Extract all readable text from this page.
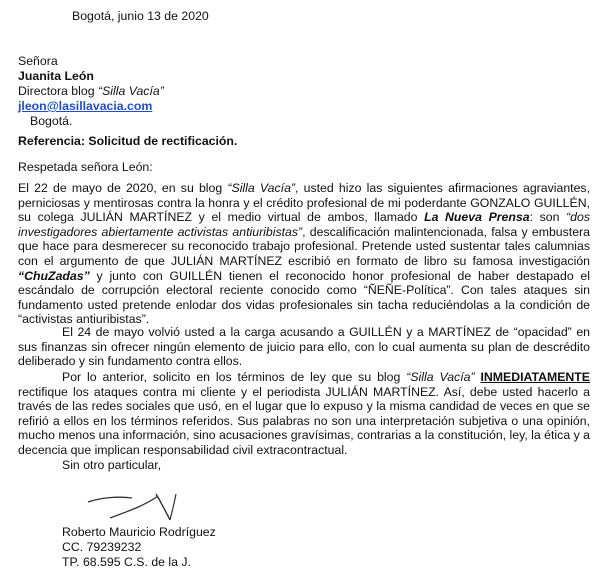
Bogotá, junio 13 de 2020
Señora
Juanita León
Directora blog “Silla Vacía”
jleon@lasillavacia.com
Bogotá.
Referencia: Solicitud de rectificación.
Respetada señora León:
El 22 de mayo de 2020, en su blog “Silla Vacía”, usted hizo las siguientes afirmaciones agraviantes, perniciosas y mentirosas contra la honra y el crédito profesional de mi poderdante GONZALO GUILLÉN, su colega JULIÁN MARTÍNEZ y el medio virtual de ambos, llamado La Nueva Prensa: son “dos investigadores abiertamente activistas antiuribistas”, descalificación malintencionada, falsa y embustera que hace para desmerecer su reconocido trabajo profesional. Pretende usted sustentar tales calumnias con el argumento de que JULIÁN MARTÍNEZ escribió en formato de libro su famosa investigación “ChuZadas” y junto con GUILLÉN tienen el reconocido honor profesional de haber destapado el escándalo de corrupción electoral reciente conocido como “ÑEÑE-Política”. Con tales ataques sin fundamento usted pretende enlodar dos vidas profesionales sin tacha reduciéndolas a la condición de “activistas antiuribistas”.
El 24 de mayo volvió usted a la carga acusando a GUILLÉN y a MARTÍNEZ de “opacidad” en sus finanzas sin ofrecer ningún elemento de juicio para ello, con lo cual aumenta su plan de descrédito deliberado y sin fundamento contra ellos.
Por lo anterior, solicito en los términos de ley que su blog “Silla Vacía” INMEDIATAMENTE rectifique los ataques contra mi cliente y el periodista JULIÁN MARTÍNEZ. Así, debe usted hacerlo a través de las redes sociales que usó, en el lugar que lo expuso y la misma candidad de veces en que se refirió a ellos en los términos referidos. Sus palabras no son una interpretación subjetiva o una opinión, mucho menos una información, sino acusaciones gravísimas, contrarias a la constitución, ley, la ética y a decencia que implican responsabilidad civil extracontractual.
Sin otro particular,
Roberto Mauricio Rodríguez
CC. 79239232
TP. 68.595 C.S. de la J.
